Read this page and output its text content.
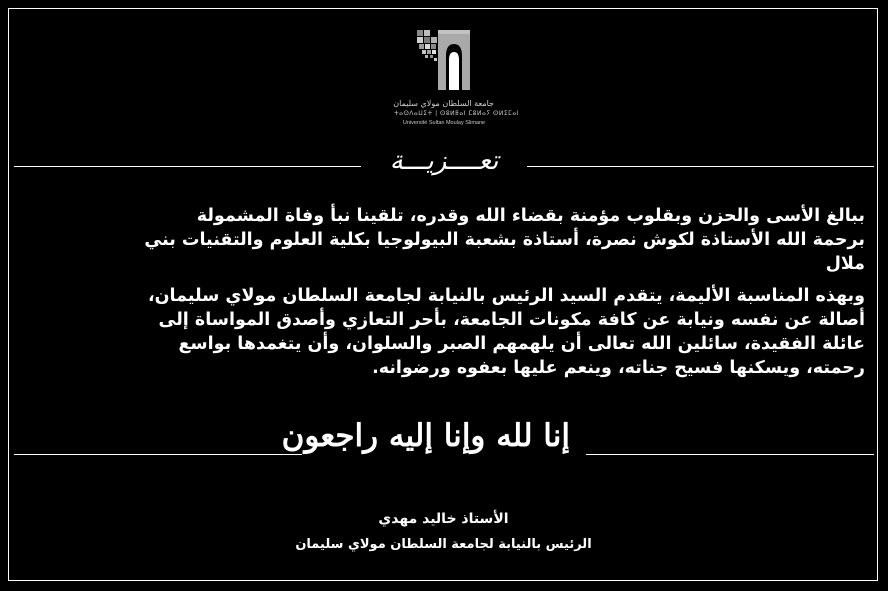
جامعة السلطان مولاي سليمان
ⵜⴰⵙⴷⴰⵡⵉⵜ | ⵙⵓⵍⵟⴰⵏ ⵎⵓⵍⴰⵢ ⵙⵍⵉⵎⴰⵏ
Université Sultan Moulay Slimane
تعــــزيـــة
ببالغ الأسى والحزن وبقلوب مؤمنة بقضاء الله وقدره، تلقينا نبأ وفاة المشمولة برحمة الله الأستاذة لكوش نصرة، أستاذة بشعبة البيولوجيا بكلية العلوم والتقنيات بني ملال
وبهذه المناسبة الأليمة، يتقدم السيد الرئيس بالنيابة لجامعة السلطان مولاي سليمان، أصالة عن نفسه ونيابة عن كافة مكونات الجامعة، بأحر التعازي وأصدق المواساة إلى عائلة الفقيدة، سائلين الله تعالى أن يلهمهم الصبر والسلوان، وأن يتغمدها بواسع رحمته، ويسكنها فسيح جناته، وينعم عليها بعفوه ورضوانه.
إنا لله وإنا إليه راجعون
الأستاذ خاليد مهدي
الرئيس بالنيابة لجامعة السلطان مولاي سليمان
